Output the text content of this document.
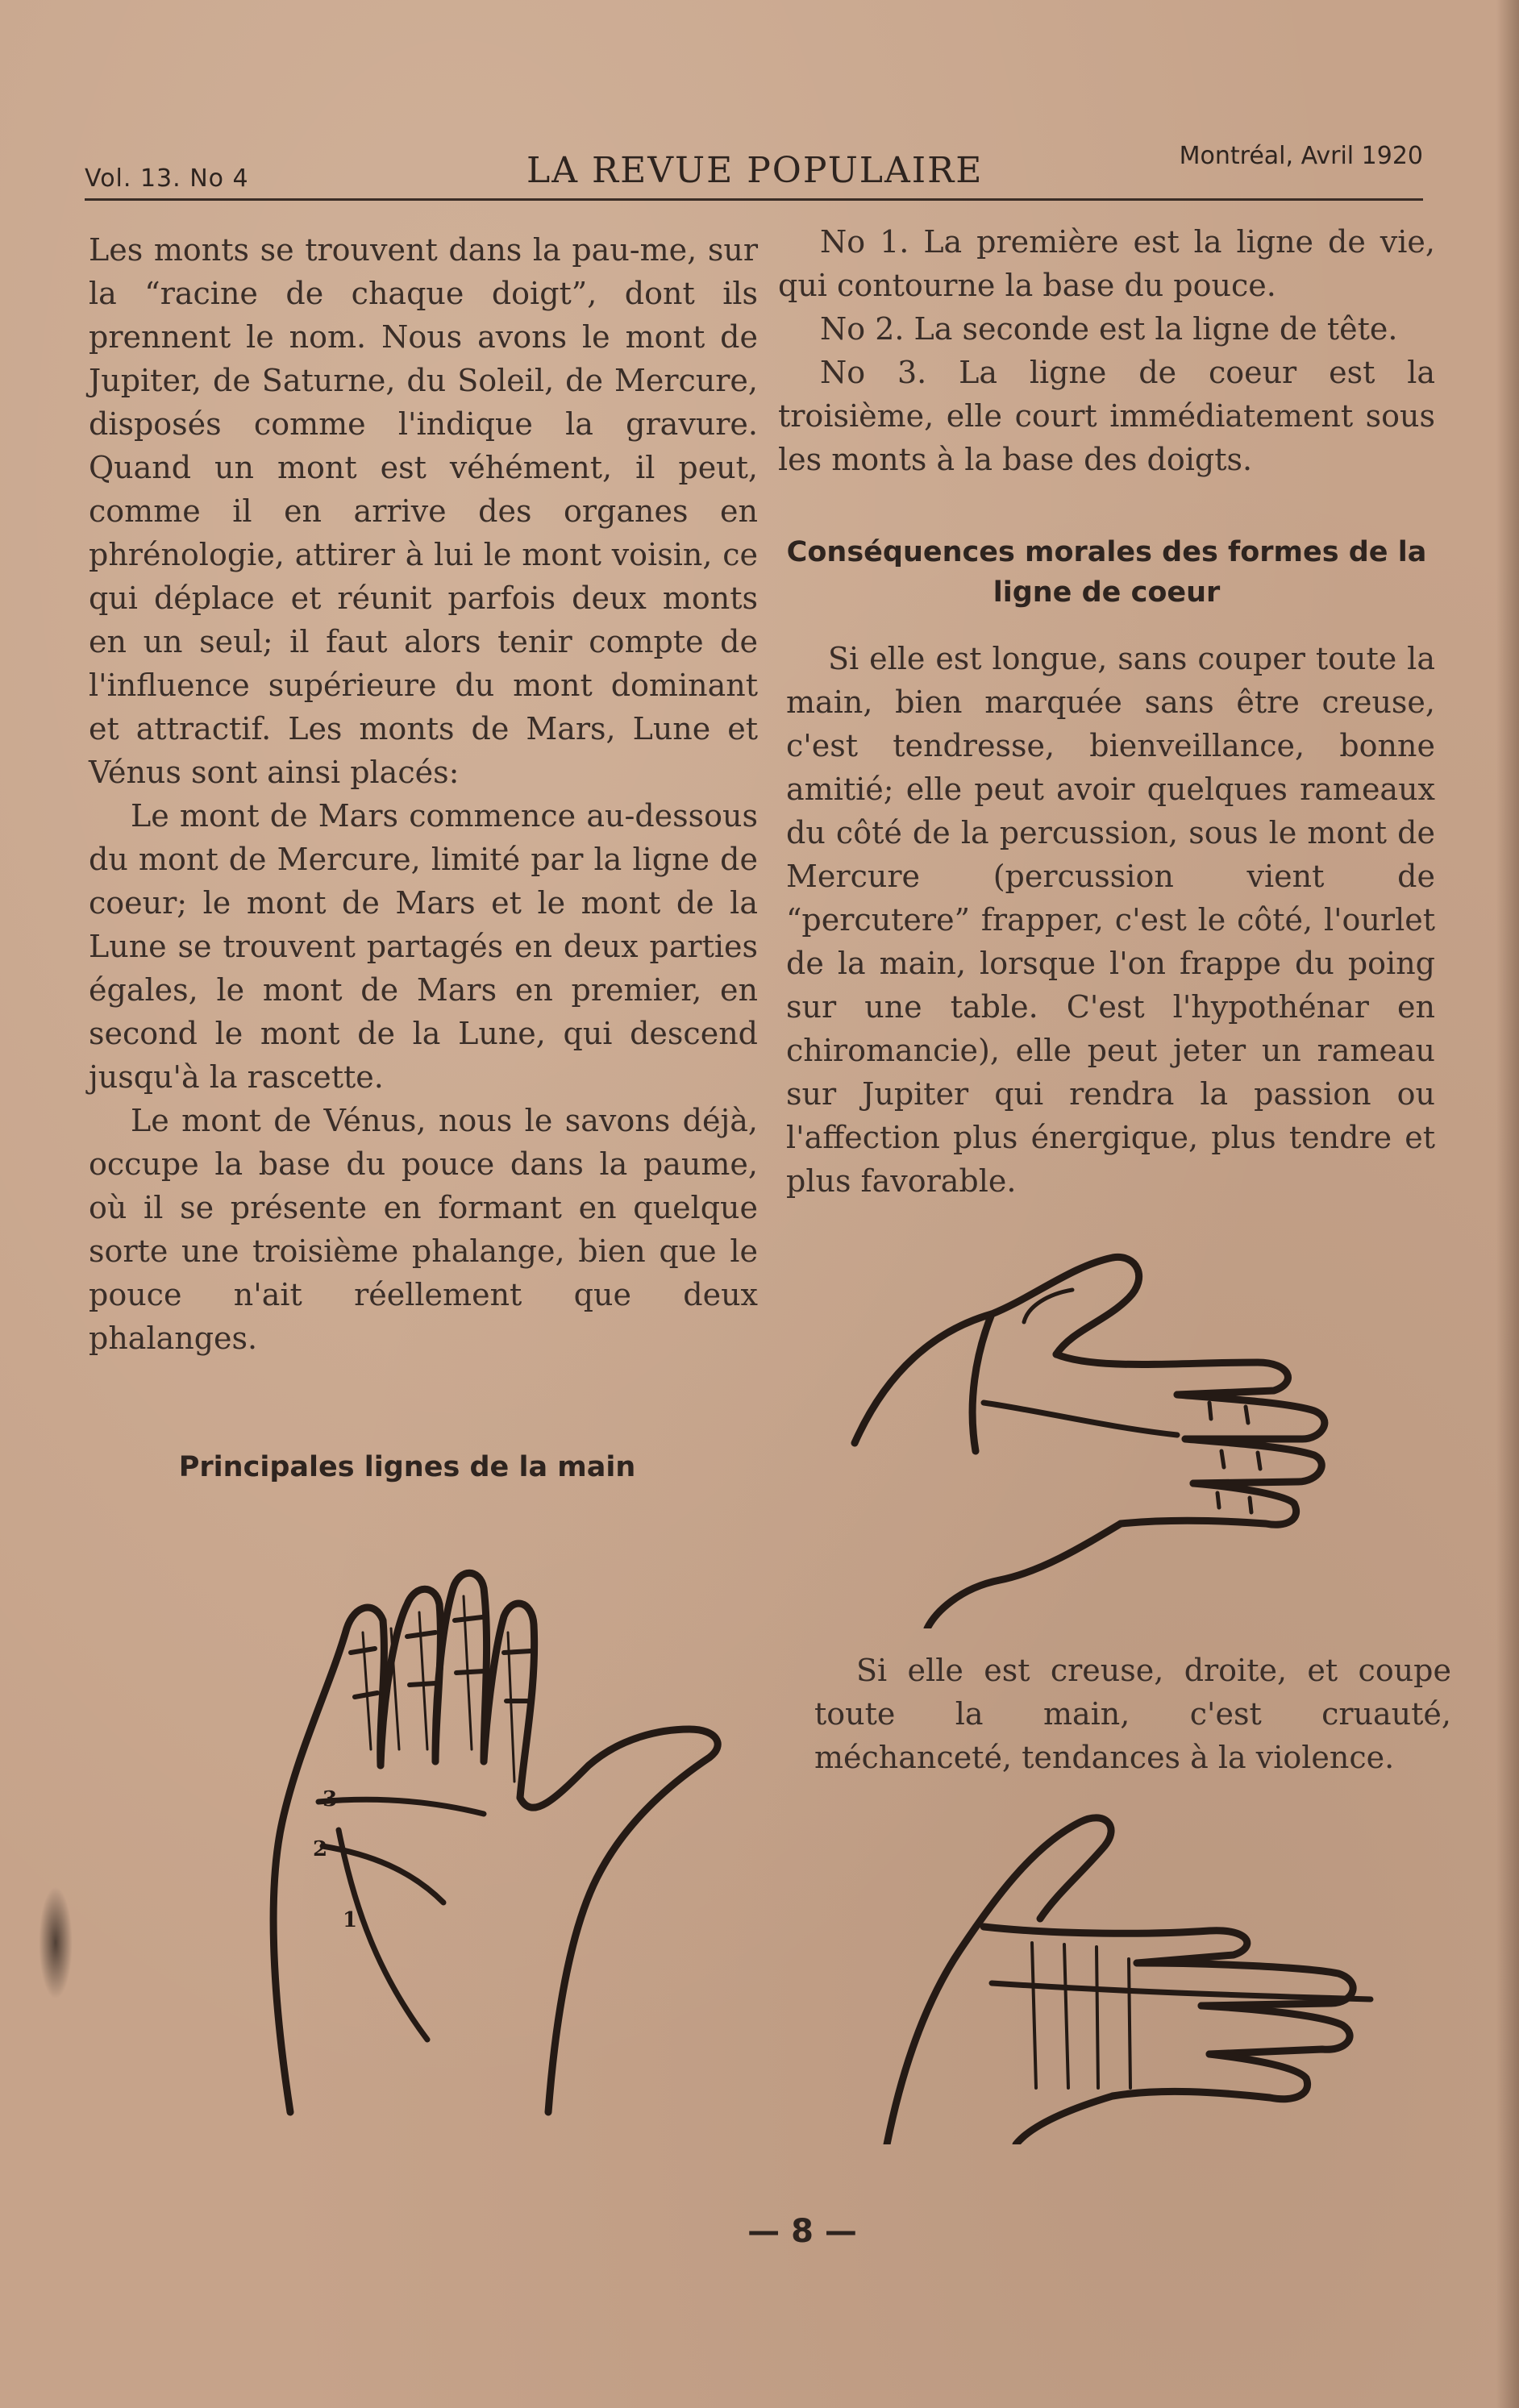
Vol. 13. No 4	LA REVUE POPULAIRE	Montréal, Avril 1920

Les monts se trouvent dans la pau-me, sur la “racine de chaque doigt”, dont ils prennent le nom. Nous avons le mont de Jupiter, de Saturne, du Soleil, de Mercure, disposés comme l'indique la gravure. Quand un mont est véhément, il peut, comme il en arrive des organes en phrénologie, attirer à lui le mont voisin, ce qui déplace et réunit parfois deux monts en un seul; il faut alors tenir compte de l'influence supérieure du mont dominant et attractif. Les monts de Mars, Lune et Vénus sont ainsi placés:

Le mont de Mars commence au-dessous du mont de Mercure, limité par la ligne de coeur; le mont de Mars et le mont de la Lune se trouvent partagés en deux parties égales, le mont de Mars en premier, en second le mont de la Lune, qui descend jusqu'à la rascette.

Le mont de Vénus, nous le savons déjà, occupe la base du pouce dans la paume, où il se présente en formant en quelque sorte une troisième phalange, bien que le pouce n'ait réellement que deux phalanges.

Principales lignes de la main
3
2
1

No 1. La première est la ligne de vie, qui contourne la base du pouce.

No 2. La seconde est la ligne de tête.

No 3. La ligne de coeur est la troisième, elle court immédiatement sous les monts à la base des doigts.

Conséquences morales des formes de la ligne de coeur

Si elle est longue, sans couper toute la main, bien marquée sans être creuse, c'est tendresse, bienveillance, bonne amitié; elle peut avoir quelques rameaux du côté de la percussion, sous le mont de Mercure (percussion vient de “percutere” frapper, c'est le côté, l'ourlet de la main, lorsque l'on frappe du poing sur une table. C'est l'hypothénar en chiromancie), elle peut jeter un rameau sur Jupiter qui rendra la passion ou l'affection plus énergique, plus tendre et plus favorable.

Si elle est creuse, droite, et coupe toute la main, c'est cruauté, méchanceté, tendances à la violence.
— 8 —
